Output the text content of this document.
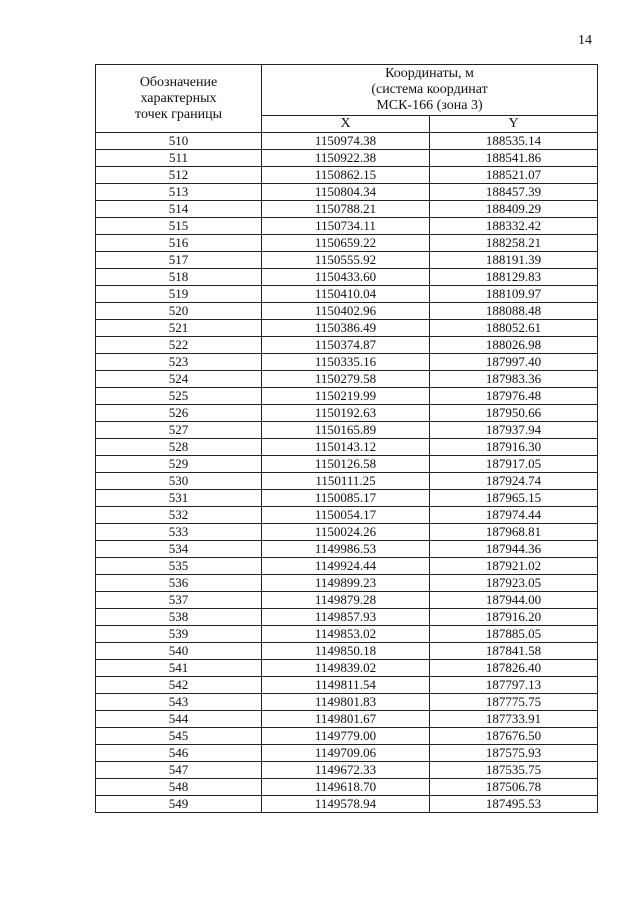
14
Обозначение
характерных
точек границы	Координаты, м
(система координат
МСК-166 (зона 3)	

	X	Y
510	1150974.38	188535.14
511	1150922.38	188541.86
512	1150862.15	188521.07
513	1150804.34	188457.39
514	1150788.21	188409.29
515	1150734.11	188332.42
516	1150659.22	188258.21
517	1150555.92	188191.39
518	1150433.60	188129.83
519	1150410.04	188109.97
520	1150402.96	188088.48
521	1150386.49	188052.61
522	1150374.87	188026.98
523	1150335.16	187997.40
524	1150279.58	187983.36
525	1150219.99	187976.48
526	1150192.63	187950.66
527	1150165.89	187937.94
528	1150143.12	187916.30
529	1150126.58	187917.05
530	1150111.25	187924.74
531	1150085.17	187965.15
532	1150054.17	187974.44
533	1150024.26	187968.81
534	1149986.53	187944.36
535	1149924.44	187921.02
536	1149899.23	187923.05
537	1149879.28	187944.00
538	1149857.93	187916.20
539	1149853.02	187885.05
540	1149850.18	187841.58
541	1149839.02	187826.40
542	1149811.54	187797.13
543	1149801.83	187775.75
544	1149801.67	187733.91
545	1149779.00	187676.50
546	1149709.06	187575.93
547	1149672.33	187535.75
548	1149618.70	187506.78
549	1149578.94	187495.53
